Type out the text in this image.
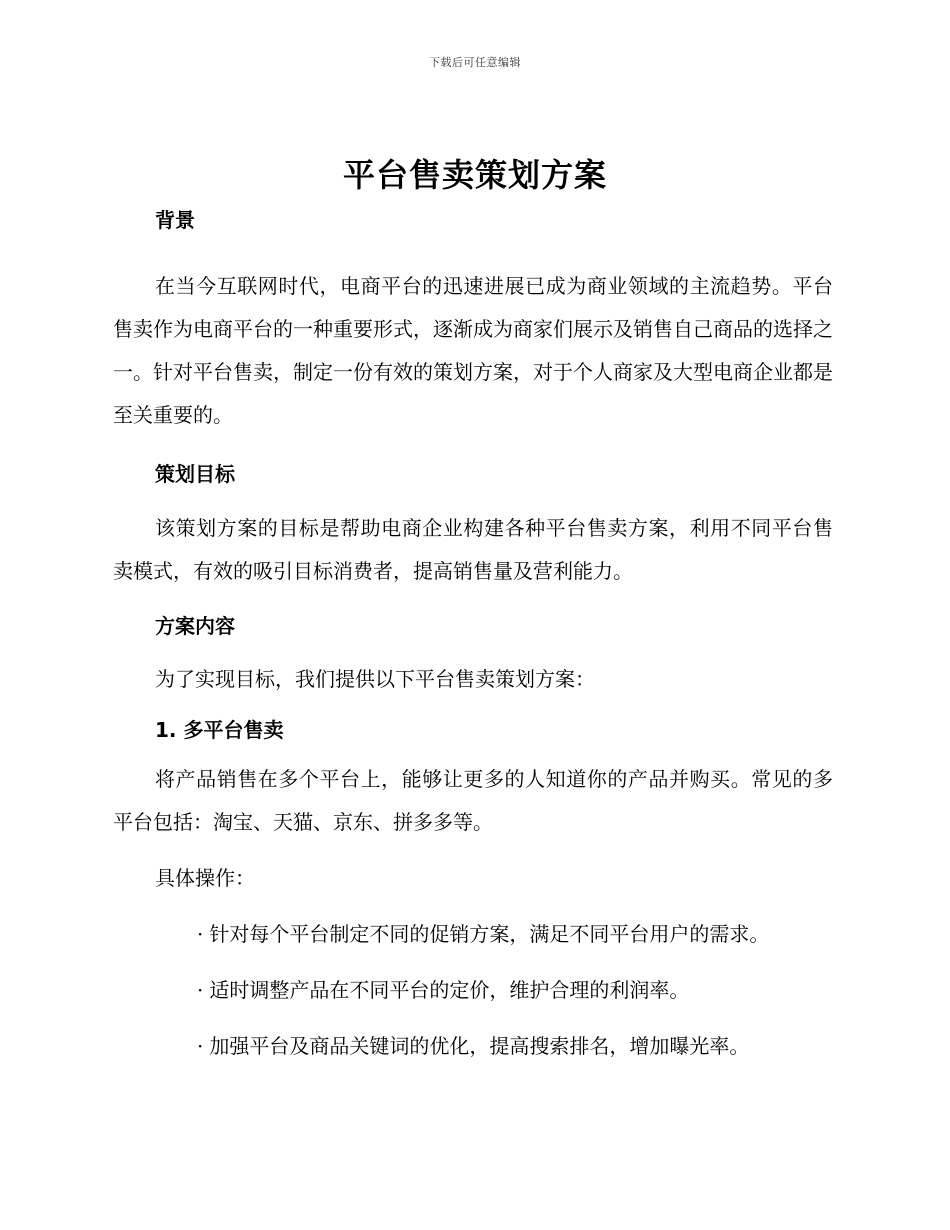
下载后可任意编辑
平台售卖策划方案

背景

在当今互联网时代，电商平台的迅速进展已成为商业领域的主流趋势。平台售卖作为电商平台的一种重要形式，逐渐成为商家们展示及销售自己商品的选择之一。针对平台售卖，制定一份有效的策划方案，对于个人商家及大型电商企业都是至关重要的。

策划目标

该策划方案的目标是帮助电商企业构建各种平台售卖方案，利用不同平台售卖模式，有效的吸引目标消费者，提高销售量及营利能力。

方案内容

为了实现目标，我们提供以下平台售卖策划方案：

1. 多平台售卖

将产品销售在多个平台上，能够让更多的人知道你的产品并购买。常见的多平台包括：淘宝、天猫、京东、拼多多等。

具体操作：

· 针对每个平台制定不同的促销方案，满足不同平台用户的需求。

· 适时调整产品在不同平台的定价，维护合理的利润率。

· 加强平台及商品关键词的优化，提高搜索排名，增加曝光率。
